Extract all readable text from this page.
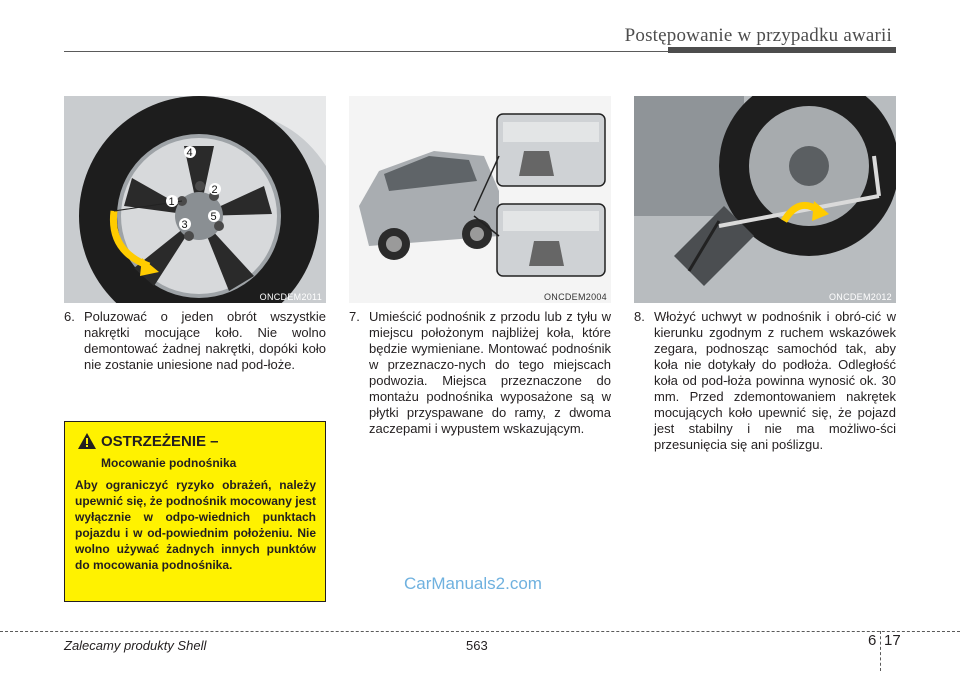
Postępowanie w przypadku awarii
1
2
3
4
5
ONCDEM2011	ONCDEM2004	ONCDEM2012
6. Poluzować o jeden obrót wszystkie nakrętki mocujące koło. Nie wolno demontować żadnej nakrętki, dopóki koło nie zostanie uniesione nad pod-łoże.
7. Umieścić podnośnik z przodu lub z tyłu w miejscu położonym najbliżej koła, które będzie wymieniane. Montować podnośnik w przeznaczo-nych do tego miejscach podwozia. Miejsca przeznaczone do montażu podnośnika wyposażone są w płytki przyspawane do ramy, z dwoma zaczepami i wypustem wskazującym.
8. Włożyć uchwyt w podnośnik i obró-cić w kierunku zgodnym z ruchem wskazówek zegara, podnosząc samochód tak, aby koła nie dotykały do podłoża. Odległość koła od pod-łoża powinna wynosić ok. 30 mm. Przed zdemontowaniem nakrętek mocujących koło upewnić się, że pojazd jest stabilny i nie ma możliwo-ści przesunięcia się ani poślizgu.
OSTRZEŻENIE –
Mocowanie podnośnika
Aby ograniczyć ryzyko obrażeń, należy upewnić się, że podnośnik mocowany jest wyłącznie w odpo-wiednich punktach pojazdu i w od-powiednim położeniu. Nie wolno używać żadnych innych punktów do mocowania podnośnika.
CarManuals2.com
Zalecamy produkty Shell	563	6 17
